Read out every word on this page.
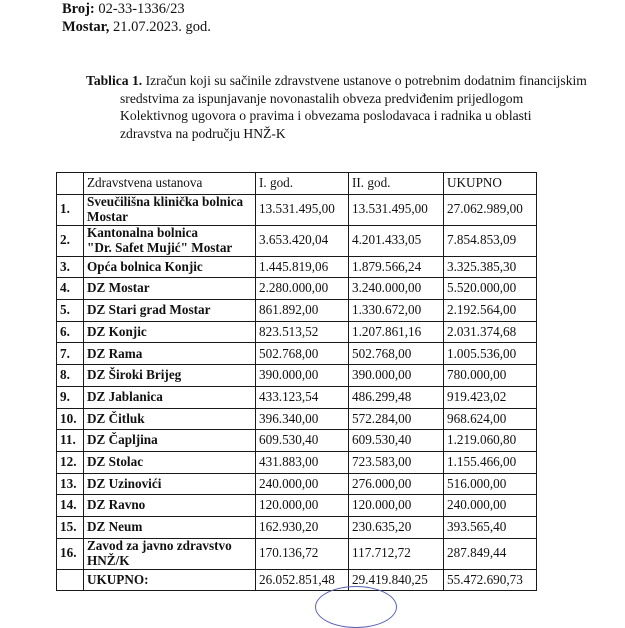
Broj: 02-33-1336/23
Mostar, 21.07.2023. god.
Tablica 1. Izračun koji su sačinile zdravstvene ustanove o potrebnim dodatnim financijskim
sredstvima za ispunjavanje novonastalih obveza predviđenim prijedlogom
Kolektivnog ugovora o pravima i obvezama poslodavaca i radnika u oblasti
zdravstva na području HNŽ-K
	Zdravstvena ustanova	I. god.	II. god.	UKUPNO
1.	Sveučilišna klinička bolnica
Mostar	13.531.495,00	13.531.495,00	27.062.989,00
2.	Kantonalna bolnica
"Dr. Safet Mujić" Mostar	3.653.420,04	4.201.433,05	7.854.853,09
3.	Opća bolnica Konjic	1.445.819,06	1.879.566,24	3.325.385,30
4.	DZ Mostar	2.280.000,00	3.240.000,00	5.520.000,00
5.	DZ Stari grad Mostar	861.892,00	1.330.672,00	2.192.564,00
6.	DZ Konjic	823.513,52	1.207.861,16	2.031.374,68
7.	DZ Rama	502.768,00	502.768,00	1.005.536,00
8.	DZ Široki Brijeg	390.000,00	390.000,00	780.000,00
9.	DZ Jablanica	433.123,54	486.299,48	919.423,02
10.	DZ Čitluk	396.340,00	572.284,00	968.624,00
11.	DZ Čapljina	609.530,40	609.530,40	1.219.060,80
12.	DZ Stolac	431.883,00	723.583,00	1.155.466,00
13.	DZ Uzinovići	240.000,00	276.000,00	516.000,00
14.	DZ Ravno	120.000,00	120.000,00	240.000,00
15.	DZ Neum	162.930,20	230.635,20	393.565,40
16.	Zavod za javno zdravstvo
HNŽ/K	170.136,72	117.712,72	287.849,44
	UKUPNO:	26.052.851,48	29.419.840,25	55.472.690,73
